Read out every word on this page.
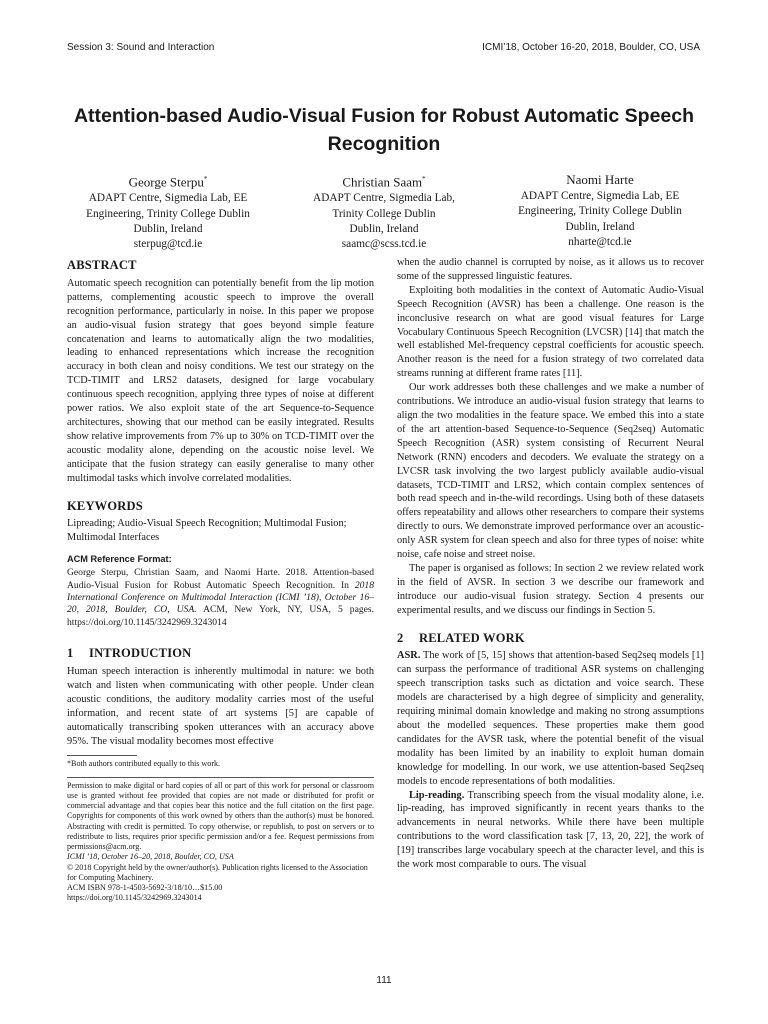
Session 3: Sound and Interaction	ICMI’18, October 16-20, 2018, Boulder, CO, USA
Attention-based Audio-Visual Fusion for Robust Automatic Speech Recognition
George Sterpu*
ADAPT Centre, Sigmedia Lab, EE
Engineering, Trinity College Dublin
Dublin, Ireland
sterpug@tcd.ie
Christian Saam*
ADAPT Centre, Sigmedia Lab,
Trinity College Dublin
Dublin, Ireland
saamc@scss.tcd.ie
Naomi Harte
ADAPT Centre, Sigmedia Lab, EE
Engineering, Trinity College Dublin
Dublin, Ireland
nharte@tcd.ie
ABSTRACT

Automatic speech recognition can potentially benefit from the lip motion patterns, complementing acoustic speech to improve the overall recognition performance, particularly in noise. In this paper we propose an audio-visual fusion strategy that goes beyond simple feature concatenation and learns to automatically align the two modalities, leading to enhanced representations which increase the recognition accuracy in both clean and noisy conditions. We test our strategy on the TCD-TIMIT and LRS2 datasets, designed for large vocabulary continuous speech recognition, applying three types of noise at different power ratios. We also exploit state of the art Sequence-to-Sequence architectures, showing that our method can be easily integrated. Results show relative improvements from 7% up to 30% on TCD-TIMIT over the acoustic modality alone, depending on the acoustic noise level. We anticipate that the fusion strategy can easily generalise to many other multimodal tasks which involve correlated modalities.

KEYWORDS

Lipreading; Audio-Visual Speech Recognition; Multimodal Fusion; Multimodal Interfaces

ACM Reference Format:

George Sterpu, Christian Saam, and Naomi Harte. 2018. Attention-based Audio-Visual Fusion for Robust Automatic Speech Recognition. In 2018 International Conference on Multimodal Interaction (ICMI ’18), October 16–20, 2018, Boulder, CO, USA. ACM, New York, NY, USA, 5 pages. https://doi.org/10.1145/3242969.3243014

1 INTRODUCTION

Human speech interaction is inherently multimodal in nature: we both watch and listen when communicating with other people. Under clean acoustic conditions, the auditory modality carries most of the useful information, and recent state of art systems [5] are capable of automatically transcribing spoken utterances with an accuracy above 95%. The visual modality becomes most effective

*Both authors contributed equally to this work.

Permission to make digital or hard copies of all or part of this work for personal or classroom use is granted without fee provided that copies are not made or distributed for profit or commercial advantage and that copies bear this notice and the full citation on the first page. Copyrights for components of this work owned by others than the author(s) must be honored. Abstracting with credit is permitted. To copy otherwise, or republish, to post on servers or to redistribute to lists, requires prior specific permission and/or a fee. Request permissions from permissions@acm.org.

ICMI ’18, October 16–20, 2018, Boulder, CO, USA

© 2018 Copyright held by the owner/author(s). Publication rights licensed to the Association for Computing Machinery.

ACM ISBN 978-1-4503-5692-3/18/10…$15.00

https://doi.org/10.1145/3242969.3243014

when the audio channel is corrupted by noise, as it allows us to recover some of the suppressed linguistic features.

Exploiting both modalities in the context of Automatic Audio-Visual Speech Recognition (AVSR) has been a challenge. One reason is the inconclusive research on what are good visual features for Large Vocabulary Continuous Speech Recognition (LVCSR) [14] that match the well established Mel-frequency cepstral coefficients for acoustic speech. Another reason is the need for a fusion strategy of two correlated data streams running at different frame rates [11].

Our work addresses both these challenges and we make a number of contributions. We introduce an audio-visual fusion strategy that learns to align the two modalities in the feature space. We embed this into a state of the art attention-based Sequence-to-Sequence (Seq2seq) Automatic Speech Recognition (ASR) system consisting of Recurrent Neural Network (RNN) encoders and decoders. We evaluate the strategy on a LVCSR task involving the two largest publicly available audio-visual datasets, TCD-TIMIT and LRS2, which contain complex sentences of both read speech and in-the-wild recordings. Using both of these datasets offers repeatability and allows other researchers to compare their systems directly to ours. We demonstrate improved performance over an acoustic-only ASR system for clean speech and also for three types of noise: white noise, cafe noise and street noise.

The paper is organised as follows: In section 2 we review related work in the field of AVSR. In section 3 we describe our framework and introduce our audio-visual fusion strategy. Section 4 presents our experimental results, and we discuss our findings in Section 5.

2 RELATED WORK

ASR. The work of [5, 15] shows that attention-based Seq2seq models [1] can surpass the performance of traditional ASR systems on challenging speech transcription tasks such as dictation and voice search. These models are characterised by a high degree of simplicity and generality, requiring minimal domain knowledge and making no strong assumptions about the modelled sequences. These properties make them good candidates for the AVSR task, where the potential benefit of the visual modality has been limited by an inability to exploit human domain knowledge for modelling. In our work, we use attention-based Seq2seq models to encode representations of both modalities.

Lip-reading. Transcribing speech from the visual modality alone, i.e. lip-reading, has improved significantly in recent years thanks to the advancements in neural networks. While there have been multiple contributions to the word classification task [7, 13, 20, 22], the work of [19] transcribes large vocabulary speech at the character level, and this is the work most comparable to ours. The visual

111
